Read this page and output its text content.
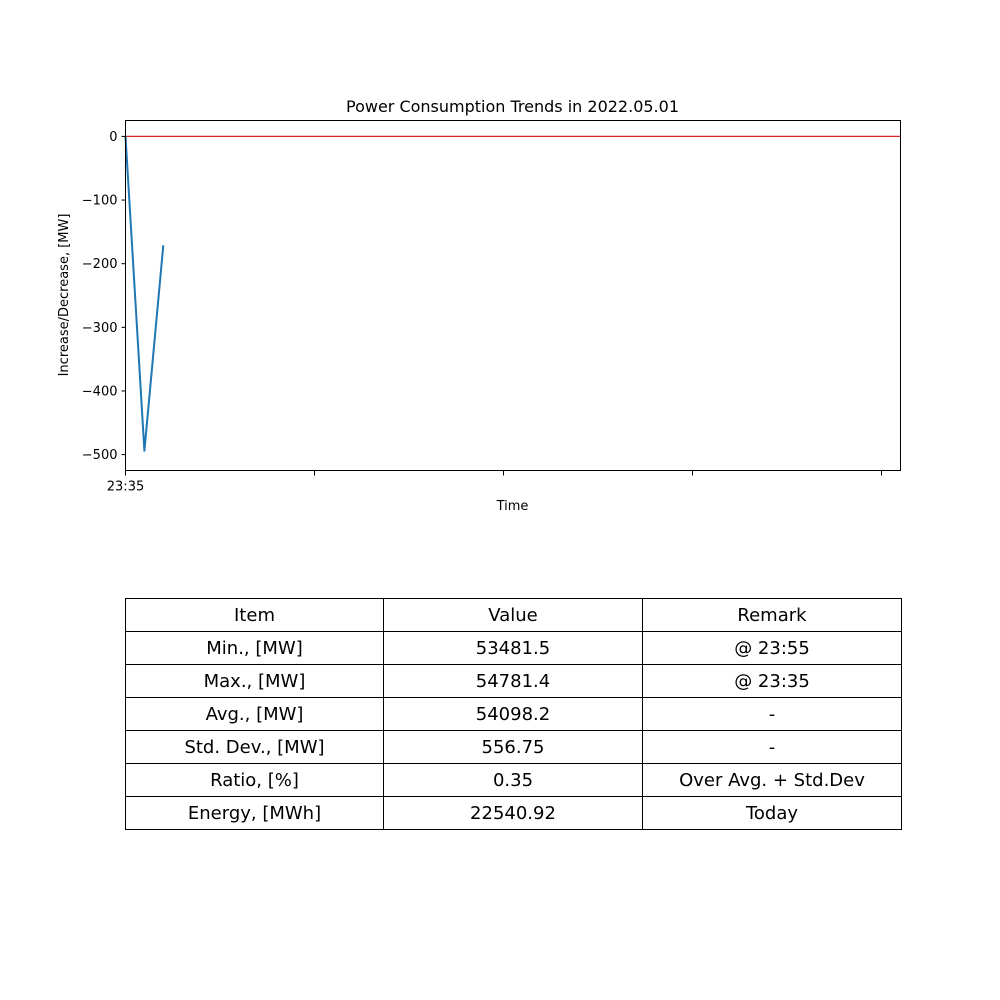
Power Consumption Trends in 2022.05.01
0
−100
−200
−300
−400
−500
23:35
Time
Increase/Decrease, [MW]
Item	Value	Remark
Min., [MW]	53481.5	@ 23:55
Max., [MW]	54781.4	@ 23:35
Avg., [MW]	54098.2	-
Std. Dev., [MW]	556.75	-
Ratio, [%]	0.35	Over Avg. + Std.Dev
Energy, [MWh]	22540.92	Today
